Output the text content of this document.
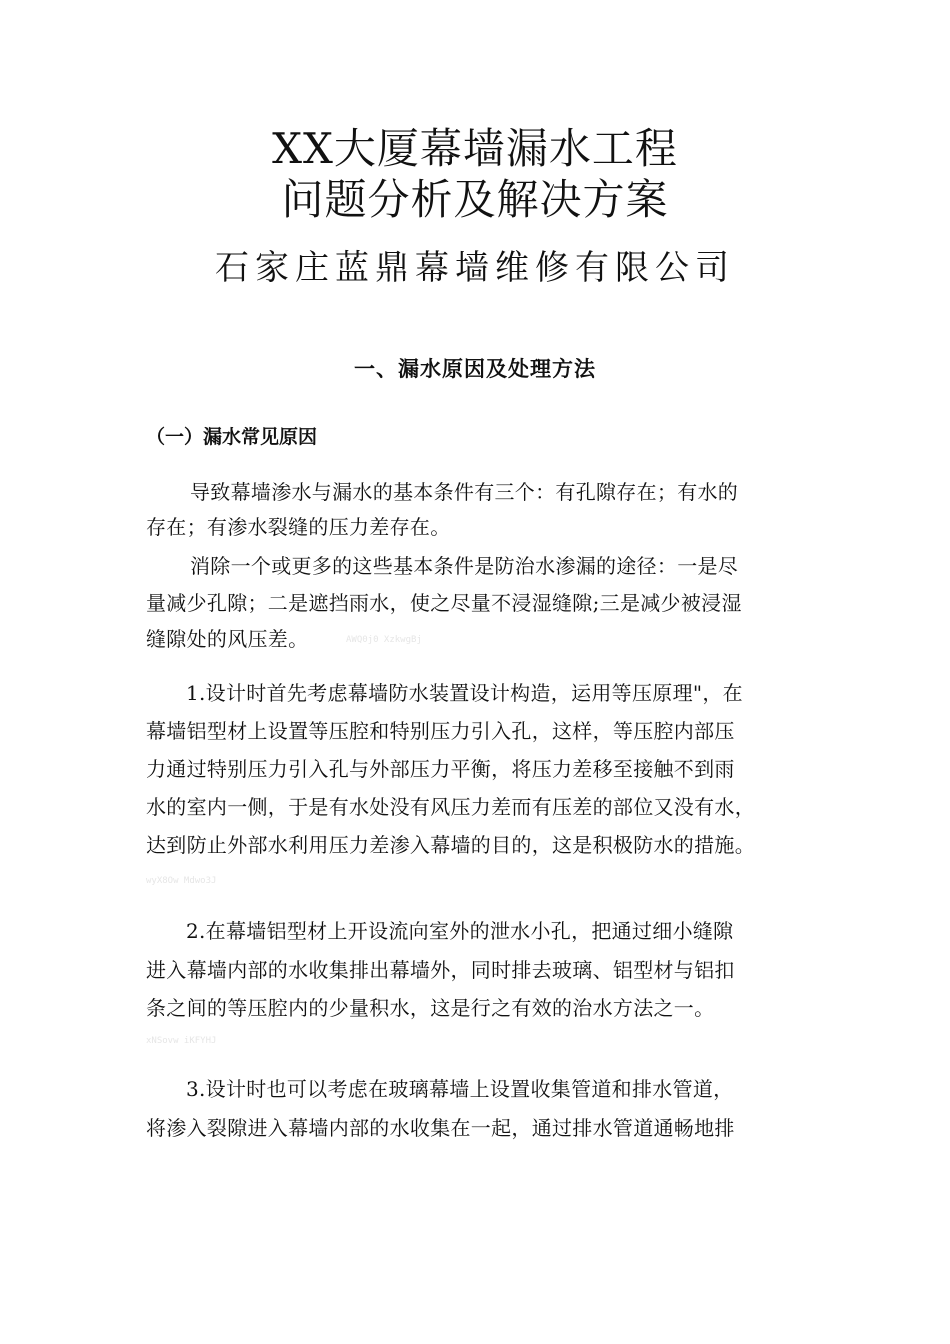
XX大厦幕墙漏水工程
问题分析及解决方案
石家庄蓝鼎幕墙维修有限公司
一、漏水原因及处理方法
（一）漏水常见原因
导致幕墙渗水与漏水的基本条件有三个：有孔隙存在；有水的
存在；有渗水裂缝的压力差存在。
消除一个或更多的这些基本条件是防治水渗漏的途径：一是尽
量减少孔隙；二是遮挡雨水，使之尽量不浸湿缝隙;三是减少被浸湿
缝隙处的风压差。	AWQ0j0 XzkwgBj
1.设计时首先考虑幕墙防水装置设计构造，运用等压原理"，在
幕墙铝型材上设置等压腔和特别压力引入孔，这样，等压腔内部压
力通过特别压力引入孔与外部压力平衡，将压力差移至接触不到雨
水的室内一侧，于是有水处没有风压力差而有压差的部位又没有水，
达到防止外部水利用压力差渗入幕墙的目的，这是积极防水的措施。
wyX8Ow Mdwo3J
2.在幕墙铝型材上开设流向室外的泄水小孔，把通过细小缝隙
进入幕墙内部的水收集排出幕墙外，同时排去玻璃、铝型材与铝扣
条之间的等压腔内的少量积水，这是行之有效的治水方法之一。
xNSovw iKFYHJ
3.设计时也可以考虑在玻璃幕墙上设置收集管道和排水管道，
将渗入裂隙进入幕墙内部的水收集在一起，通过排水管道通畅地排
